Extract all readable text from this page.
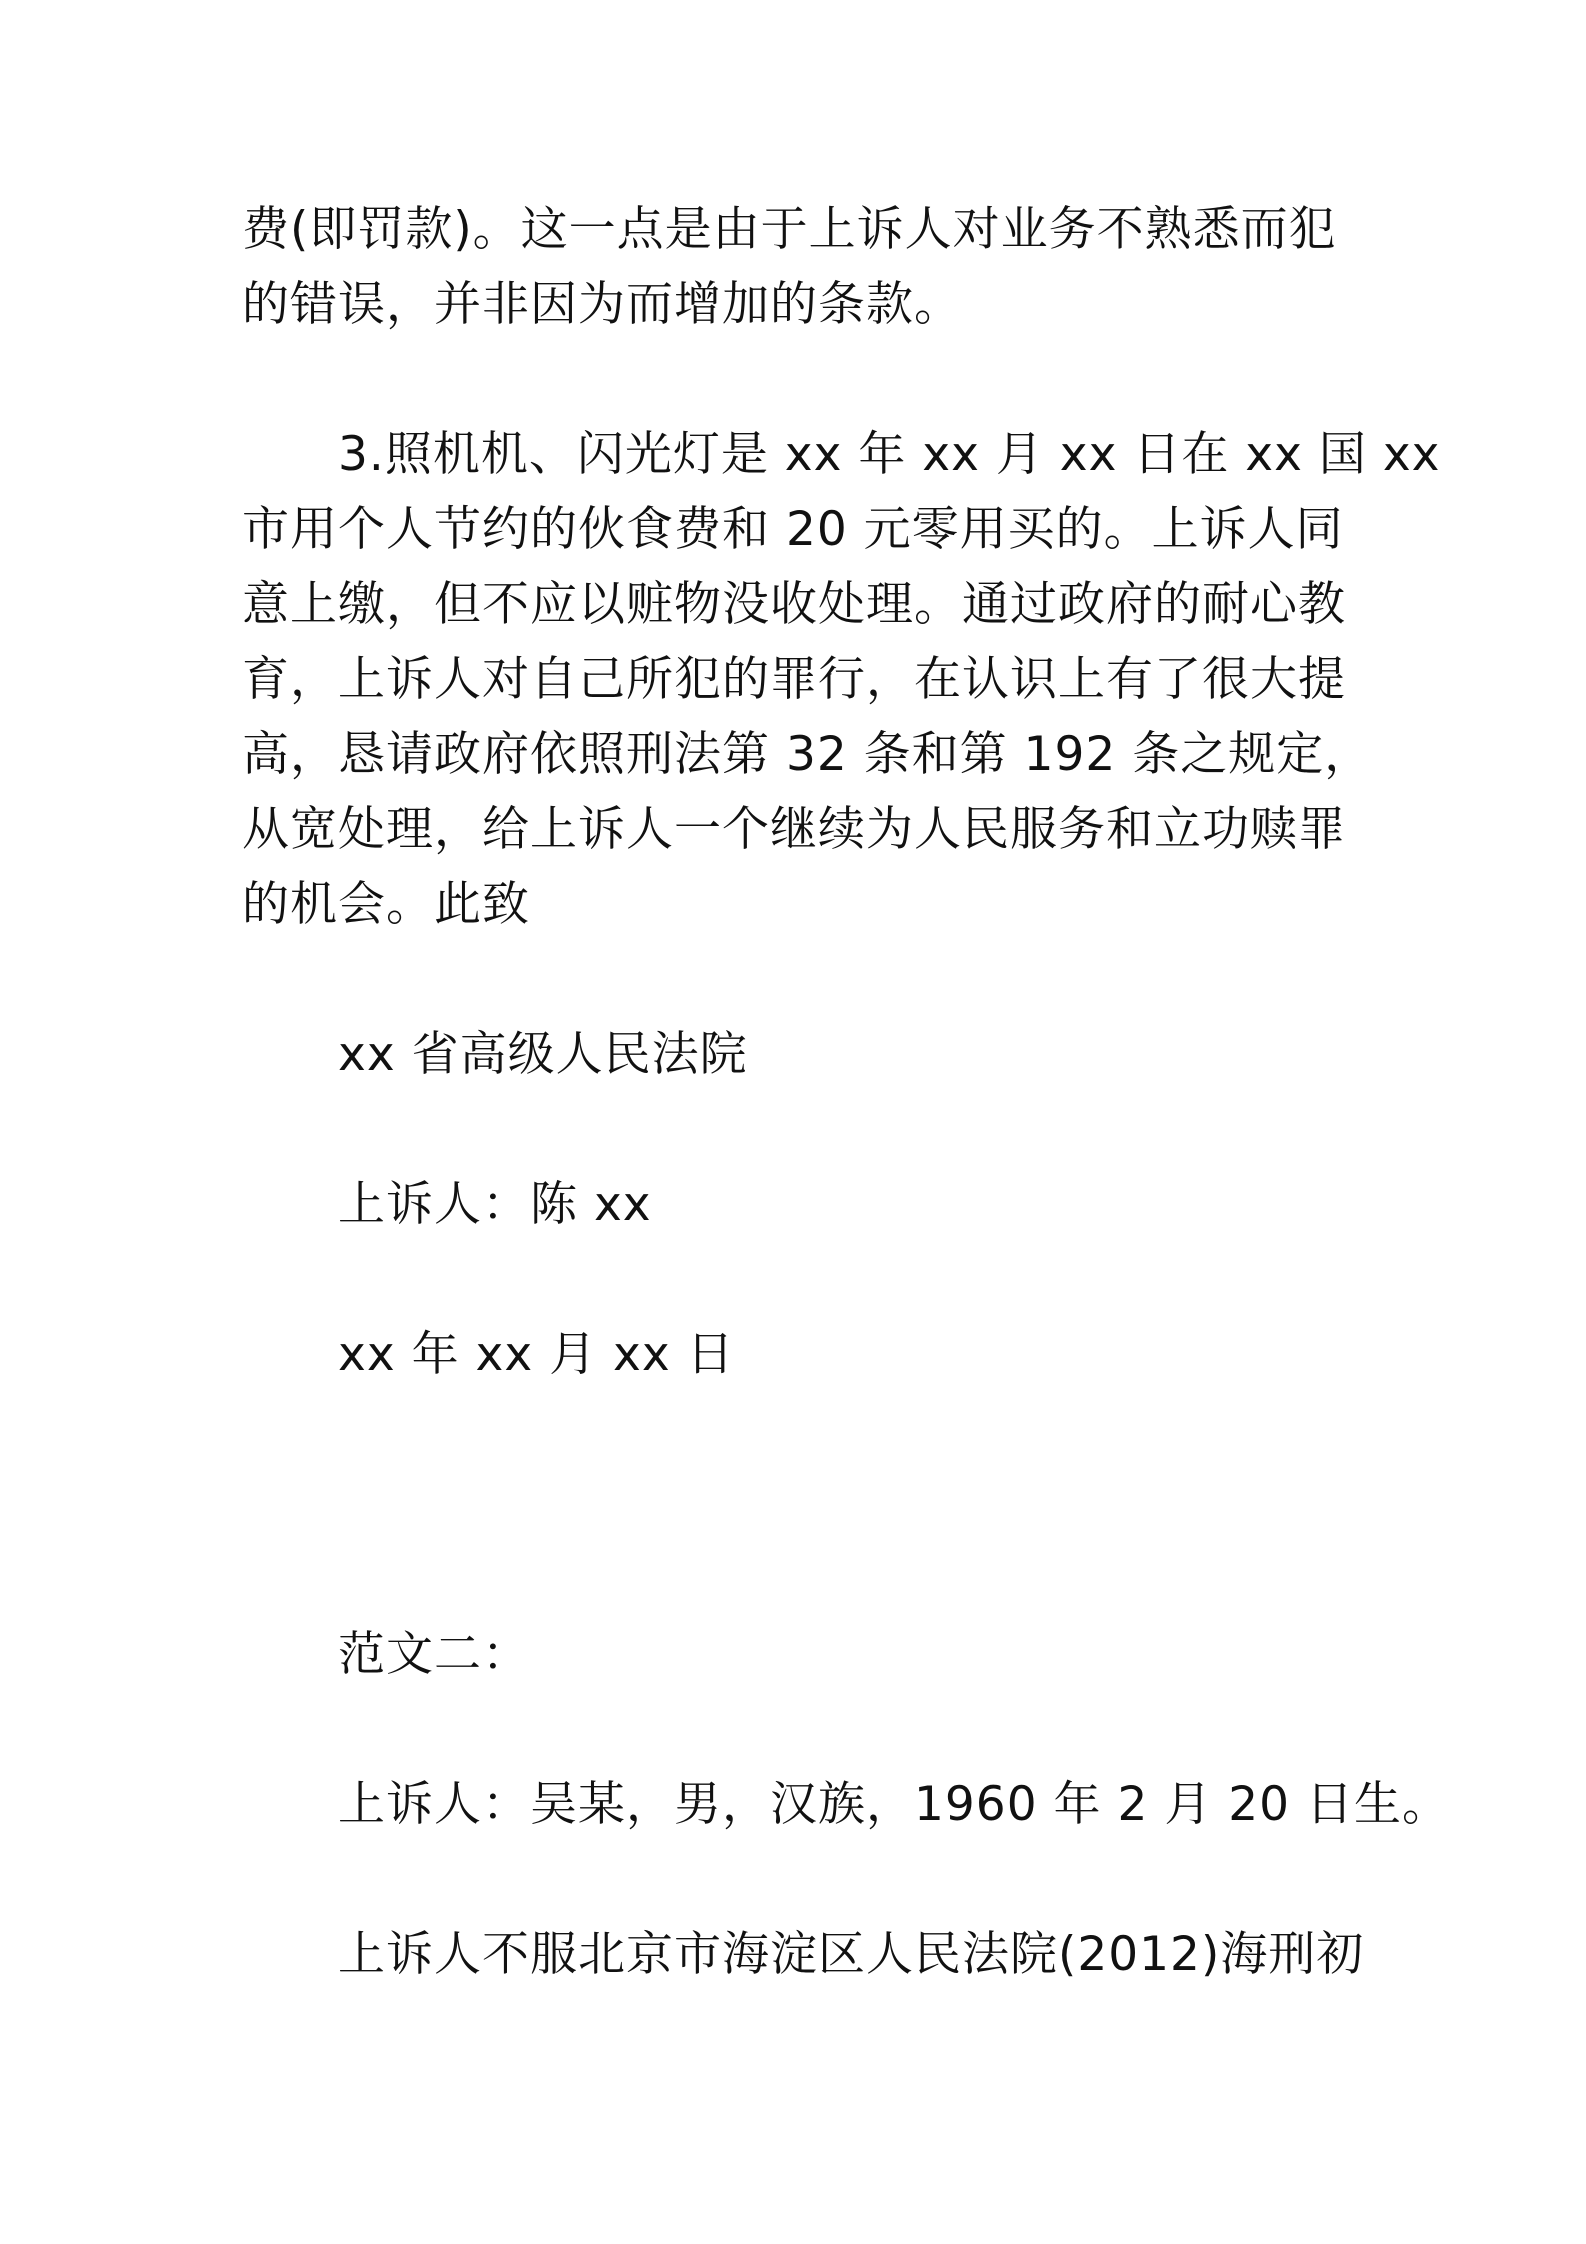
费(即罚款)。这一点是由于上诉人对业务不熟悉而犯
的错误，并非因为而增加的条款。
3.照机机、闪光灯是 xx 年 xx 月 xx 日在 xx 国 xx
市用个人节约的伙食费和 20 元零用买的。上诉人同
意上缴，但不应以赃物没收处理。通过政府的耐心教
育，上诉人对自己所犯的罪行，在认识上有了很大提
高，恳请政府依照刑法第 32 条和第 192 条之规定，
从宽处理，给上诉人一个继续为人民服务和立功赎罪
的机会。此致
xx 省高级人民法院
上诉人：陈 xx
xx 年 xx 月 xx 日
范文二：
上诉人：吴某，男，汉族，1960 年 2 月 20 日生。
上诉人不服北京市海淀区人民法院(2012)海刑初
